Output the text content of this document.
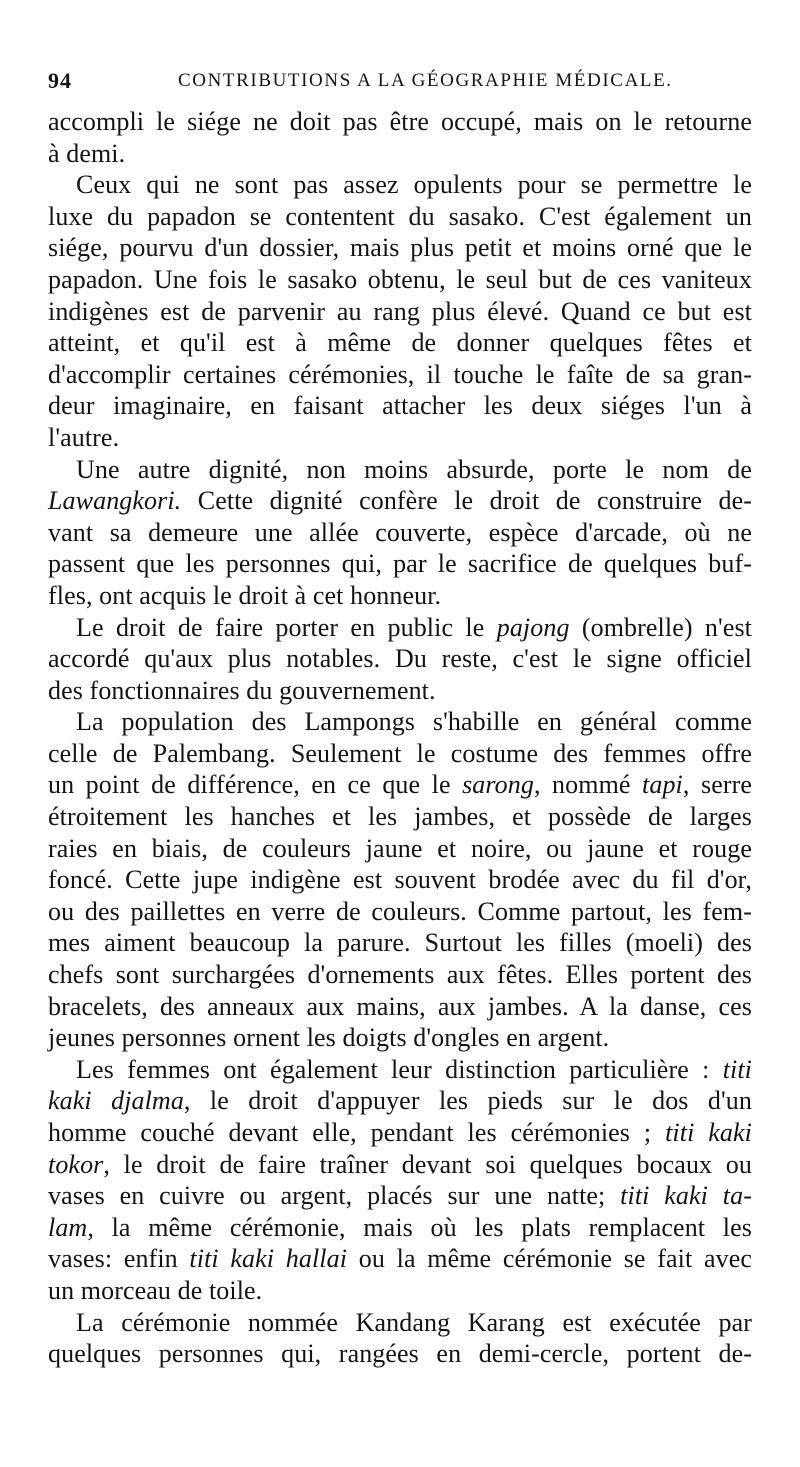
94	CONTRIBUTIONS A LA GÉOGRAPHIE MÉDICALE.
accompli le siége ne doit pas être occupé, mais on le retourne
à demi.
Ceux qui ne sont pas assez opulents pour se permettre le
luxe du papadon se contentent du sasako. C'est également un
siége, pourvu d'un dossier, mais plus petit et moins orné que le
papadon. Une fois le sasako obtenu, le seul but de ces vaniteux
indigènes est de parvenir au rang plus élevé. Quand ce but est
atteint, et qu'il est à même de donner quelques fêtes et
d'accomplir certaines cérémonies, il touche le faîte de sa gran-
deur imaginaire, en faisant attacher les deux siéges l'un à
l'autre.
Une autre dignité, non moins absurde, porte le nom de
Lawangkori. Cette dignité confère le droit de construire de-
vant sa demeure une allée couverte, espèce d'arcade, où ne
passent que les personnes qui, par le sacrifice de quelques buf-
fles, ont acquis le droit à cet honneur.
Le droit de faire porter en public le pajong (ombrelle) n'est
accordé qu'aux plus notables. Du reste, c'est le signe officiel
des fonctionnaires du gouvernement.
La population des Lampongs s'habille en général comme
celle de Palembang. Seulement le costume des femmes offre
un point de différence, en ce que le sarong, nommé tapi, serre
étroitement les hanches et les jambes, et possède de larges
raies en biais, de couleurs jaune et noire, ou jaune et rouge
foncé. Cette jupe indigène est souvent brodée avec du fil d'or,
ou des paillettes en verre de couleurs. Comme partout, les fem-
mes aiment beaucoup la parure. Surtout les filles (moeli) des
chefs sont surchargées d'ornements aux fêtes. Elles portent des
bracelets, des anneaux aux mains, aux jambes. A la danse, ces
jeunes personnes ornent les doigts d'ongles en argent.
Les femmes ont également leur distinction particulière : titi
kaki djalma, le droit d'appuyer les pieds sur le dos d'un
homme couché devant elle, pendant les cérémonies ; titi kaki
tokor, le droit de faire traîner devant soi quelques bocaux ou
vases en cuivre ou argent, placés sur une natte; titi kaki ta-
lam, la même cérémonie, mais où les plats remplacent les
vases: enfin titi kaki hallai ou la même cérémonie se fait avec
un morceau de toile.
La cérémonie nommée Kandang Karang est exécutée par
quelques personnes qui, rangées en demi-cercle, portent de-
